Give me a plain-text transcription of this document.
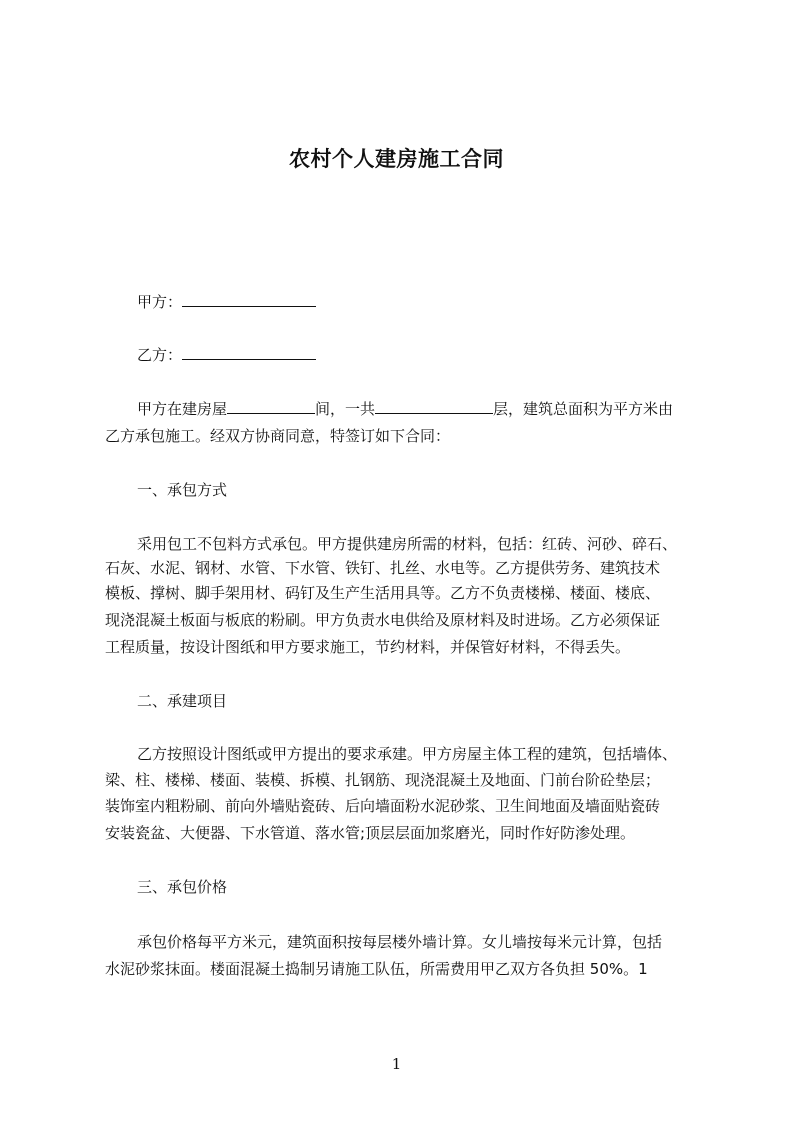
农村个人建房施工合同
甲方：
乙方：
甲方在建房屋	间，一共	层，建筑总面积为平方米由
乙方承包施工。经双方协商同意，特签订如下合同：
一、承包方式
采用包工不包料方式承包。甲方提供建房所需的材料，包括：红砖、河砂、碎石、
石灰、水泥、钢材、水管、下水管、铁钉、扎丝、水电等。乙方提供劳务、建筑技术
模板、撑树、脚手架用材、码钉及生产生活用具等。乙方不负责楼梯、楼面、楼底、
现浇混凝土板面与板底的粉刷。甲方负责水电供给及原材料及时进场。乙方必须保证
工程质量，按设计图纸和甲方要求施工，节约材料，并保管好材料，不得丢失。
二、承建项目
乙方按照设计图纸或甲方提出的要求承建。甲方房屋主体工程的建筑，包括墙体、
梁、柱、楼梯、楼面、装模、拆模、扎钢筋、现浇混凝土及地面、门前台阶砼垫层；
装饰室内粗粉刷、前向外墙贴瓷砖、后向墙面粉水泥砂浆、卫生间地面及墙面贴瓷砖
安装瓷盆、大便器、下水管道、落水管;顶层层面加浆磨光，同时作好防渗处理。
三、承包价格
承包价格每平方米元，建筑面积按每层楼外墙计算。女儿墙按每米元计算，包括
水泥砂浆抹面。楼面混凝土捣制另请施工队伍，所需费用甲乙双方各负担 50%。1
1
